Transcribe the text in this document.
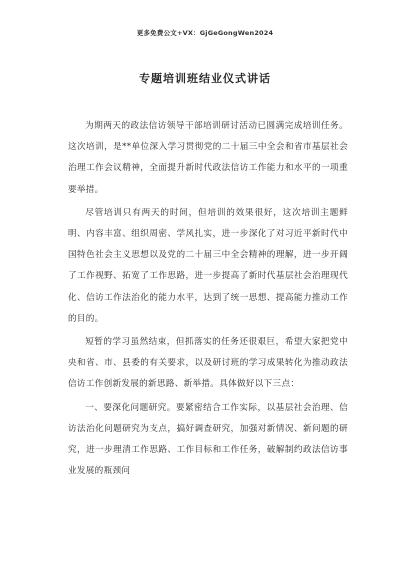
更多免费公文+VX：GjGeGongWen2024
专题培训班结业仪式讲话

为期两天的政法信访领导干部培训研讨活动已圆满完成培训任务。这次培训，是**单位深入学习贯彻党的二十届三中全会和省市基层社会治理工作会议精神，全面提升新时代政法信访工作能力和水平的一项重要举措。

尽管培训只有两天的时间，但培训的效果很好，这次培训主题鲜明、内容丰富、组织周密、学风扎实，进一步深化了对习近平新时代中国特色社会主义思想以及党的二十届三中全会精神的理解，进一步开阔了工作视野、拓宽了工作思路，进一步提高了新时代基层社会治理现代化、信访工作法治化的能力水平，达到了统一思想、提高能力推动工作的目的。

短暂的学习虽然结束，但抓落实的任务还很艰巨，希望大家把党中央和省、市、县委的有关要求，以及研讨班的学习成果转化为推动政法信访工作创新发展的新思路、新举措。具体做好以下三点：

一、要深化问题研究。要紧密结合工作实际，以基层社会治理、信访法治化问题研究为支点，搞好调查研究，加强对新情况、新问题的研究，进一步理清工作思路、工作目标和工作任务，破解制约政法信访事业发展的瓶颈问
